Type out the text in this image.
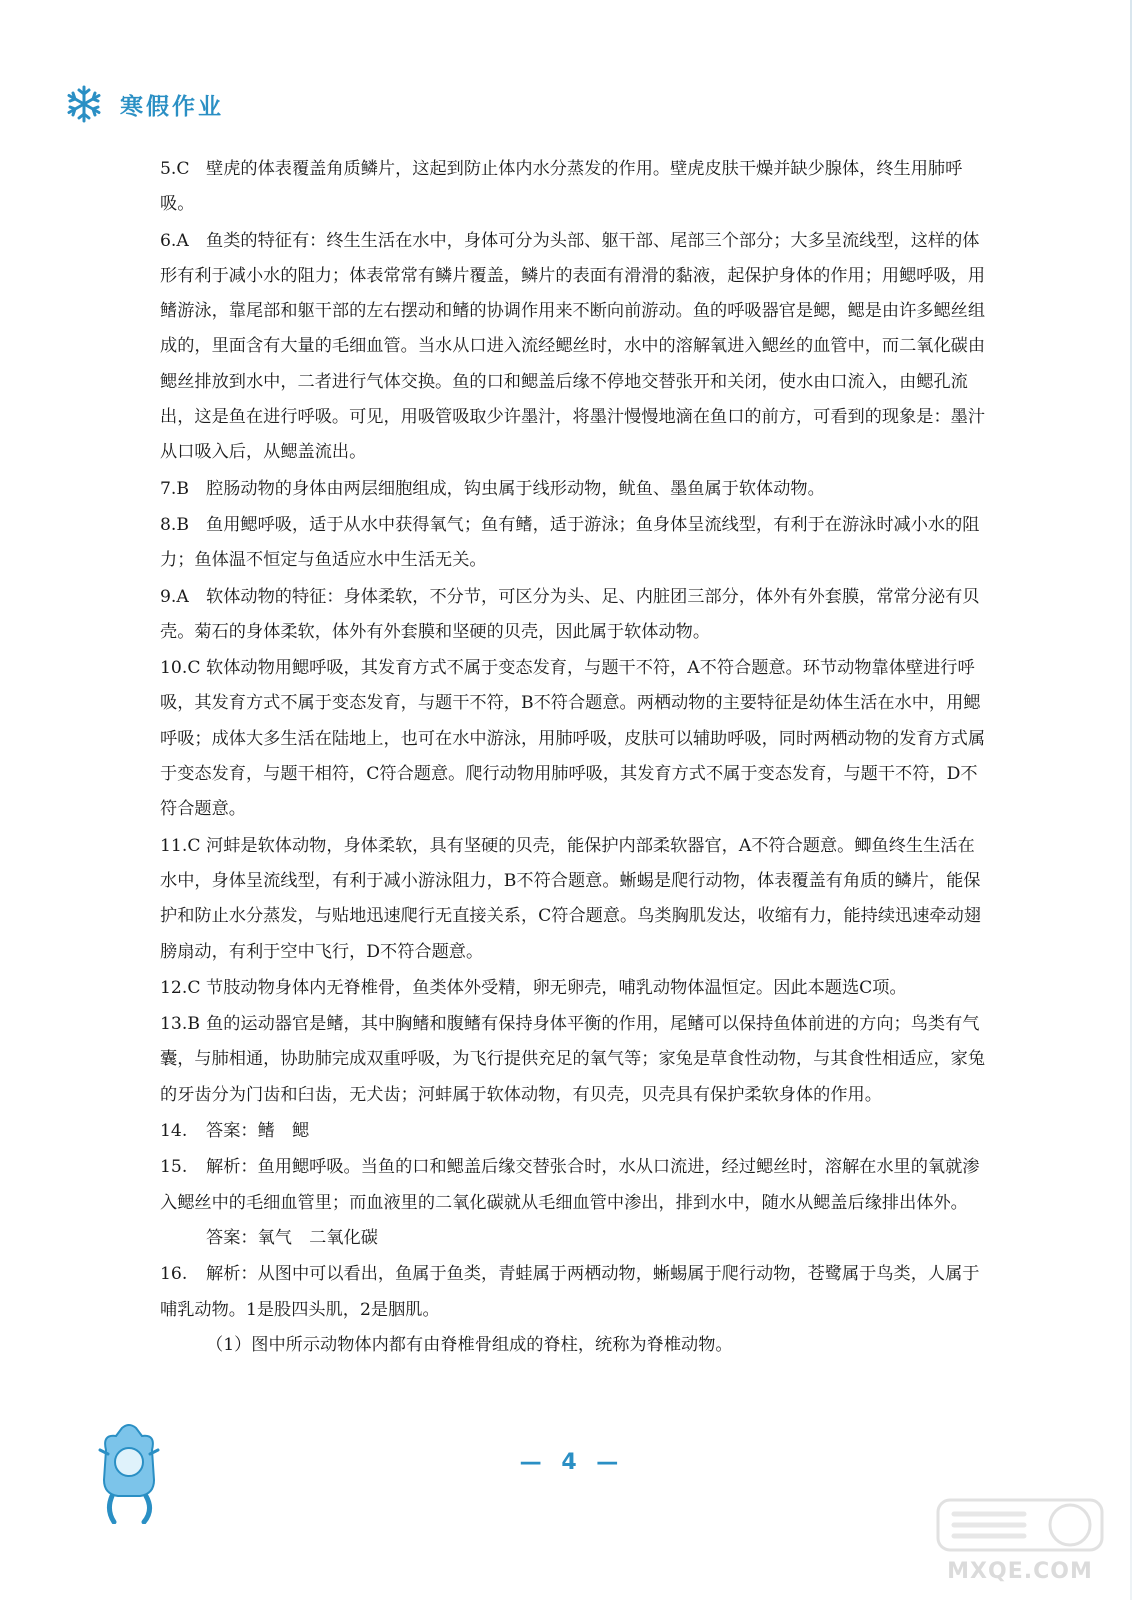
寒假作业
5.C 壁虎的体表覆盖角质鳞片，这起到防止体内水分蒸发的作用。壁虎皮肤干燥并缺少腺体，终生用肺呼吸。
6.A 鱼类的特征有：终生生活在水中，身体可分为头部、躯干部、尾部三个部分；大多呈流线型，这样的体形有利于减小水的阻力；体表常常有鳞片覆盖，鳞片的表面有滑滑的黏液，起保护身体的作用；用鳃呼吸，用鳍游泳，靠尾部和躯干部的左右摆动和鳍的协调作用来不断向前游动。鱼的呼吸器官是鳃，鳃是由许多鳃丝组成的，里面含有大量的毛细血管。当水从口进入流经鳃丝时，水中的溶解氧进入鳃丝的血管中，而二氧化碳由鳃丝排放到水中，二者进行气体交换。鱼的口和鳃盖后缘不停地交替张开和关闭，使水由口流入，由鳃孔流出，这是鱼在进行呼吸。可见，用吸管吸取少许墨汁，将墨汁慢慢地滴在鱼口的前方，可看到的现象是：墨汁从口吸入后，从鳃盖流出。
7.B 腔肠动物的身体由两层细胞组成，钩虫属于线形动物，鱿鱼、墨鱼属于软体动物。
8.B 鱼用鳃呼吸，适于从水中获得氧气；鱼有鳍，适于游泳；鱼身体呈流线型，有利于在游泳时减小水的阻力；鱼体温不恒定与鱼适应水中生活无关。
9.A 软体动物的特征：身体柔软，不分节，可区分为头、足、内脏团三部分，体外有外套膜，常常分泌有贝壳。菊石的身体柔软，体外有外套膜和坚硬的贝壳，因此属于软体动物。
10.C 软体动物用鳃呼吸，其发育方式不属于变态发育，与题干不符，A不符合题意。环节动物靠体壁进行呼吸，其发育方式不属于变态发育，与题干不符，B不符合题意。两栖动物的主要特征是幼体生活在水中，用鳃呼吸；成体大多生活在陆地上，也可在水中游泳，用肺呼吸，皮肤可以辅助呼吸，同时两栖动物的发育方式属于变态发育，与题干相符，C符合题意。爬行动物用肺呼吸，其发育方式不属于变态发育，与题干不符，D不符合题意。
11.C 河蚌是软体动物，身体柔软，具有坚硬的贝壳，能保护内部柔软器官，A不符合题意。鲫鱼终生生活在水中，身体呈流线型，有利于减小游泳阻力，B不符合题意。蜥蜴是爬行动物，体表覆盖有角质的鳞片，能保护和防止水分蒸发，与贴地迅速爬行无直接关系，C符合题意。鸟类胸肌发达，收缩有力，能持续迅速牵动翅膀扇动，有利于空中飞行，D不符合题意。
12.C 节肢动物身体内无脊椎骨，鱼类体外受精，卵无卵壳，哺乳动物体温恒定。因此本题选C项。
13.B 鱼的运动器官是鳍，其中胸鳍和腹鳍有保持身体平衡的作用，尾鳍可以保持鱼体前进的方向；鸟类有气囊，与肺相通，协助肺完成双重呼吸，为飞行提供充足的氧气等；家兔是草食性动物，与其食性相适应，家兔的牙齿分为门齿和臼齿，无犬齿；河蚌属于软体动物，有贝壳，贝壳具有保护柔软身体的作用。
14. 答案：鳍　鳃
15. 解析：鱼用鳃呼吸。当鱼的口和鳃盖后缘交替张合时，水从口流进，经过鳃丝时，溶解在水里的氧就渗入鳃丝中的毛细血管里；而血液里的二氧化碳就从毛细血管中渗出，排到水中，随水从鳃盖后缘排出体外。
答案：氧气　二氧化碳
16. 解析：从图中可以看出，鱼属于鱼类，青蛙属于两栖动物，蜥蜴属于爬行动物，苍鹭属于鸟类，人属于哺乳动物。1是股四头肌，2是胭肌。
（1）图中所示动物体内都有由脊椎骨组成的脊柱，统称为脊椎动物。
— 4 —
MXQE.COM
